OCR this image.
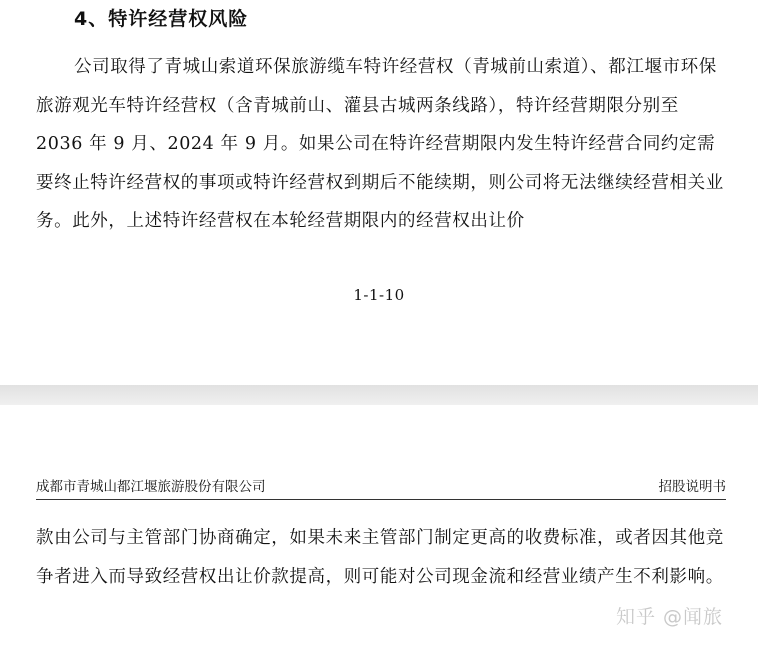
4、特许经营权风险
公司取得了青城山索道环保旅游缆车特许经营权（青城前山索道）、都江堰市环保旅游观光车特许经营权（含青城前山、灌县古城两条线路），特许经营期限分别至 2036 年 9 月、2024 年 9 月。如果公司在特许经营期限内发生特许经营合同约定需要终止特许经营权的事项或特许经营权到期后不能续期，则公司将无法继续经营相关业务。此外，上述特许经营权在本轮经营期限内的经营权出让价
1-1-10
成都市青城山都江堰旅游股份有限公司	招股说明书
款由公司与主管部门协商确定，如果未来主管部门制定更高的收费标准，或者因其他竞争者进入而导致经营权出让价款提高，则可能对公司现金流和经营业绩产生不利影响。
知乎 @闻旅
